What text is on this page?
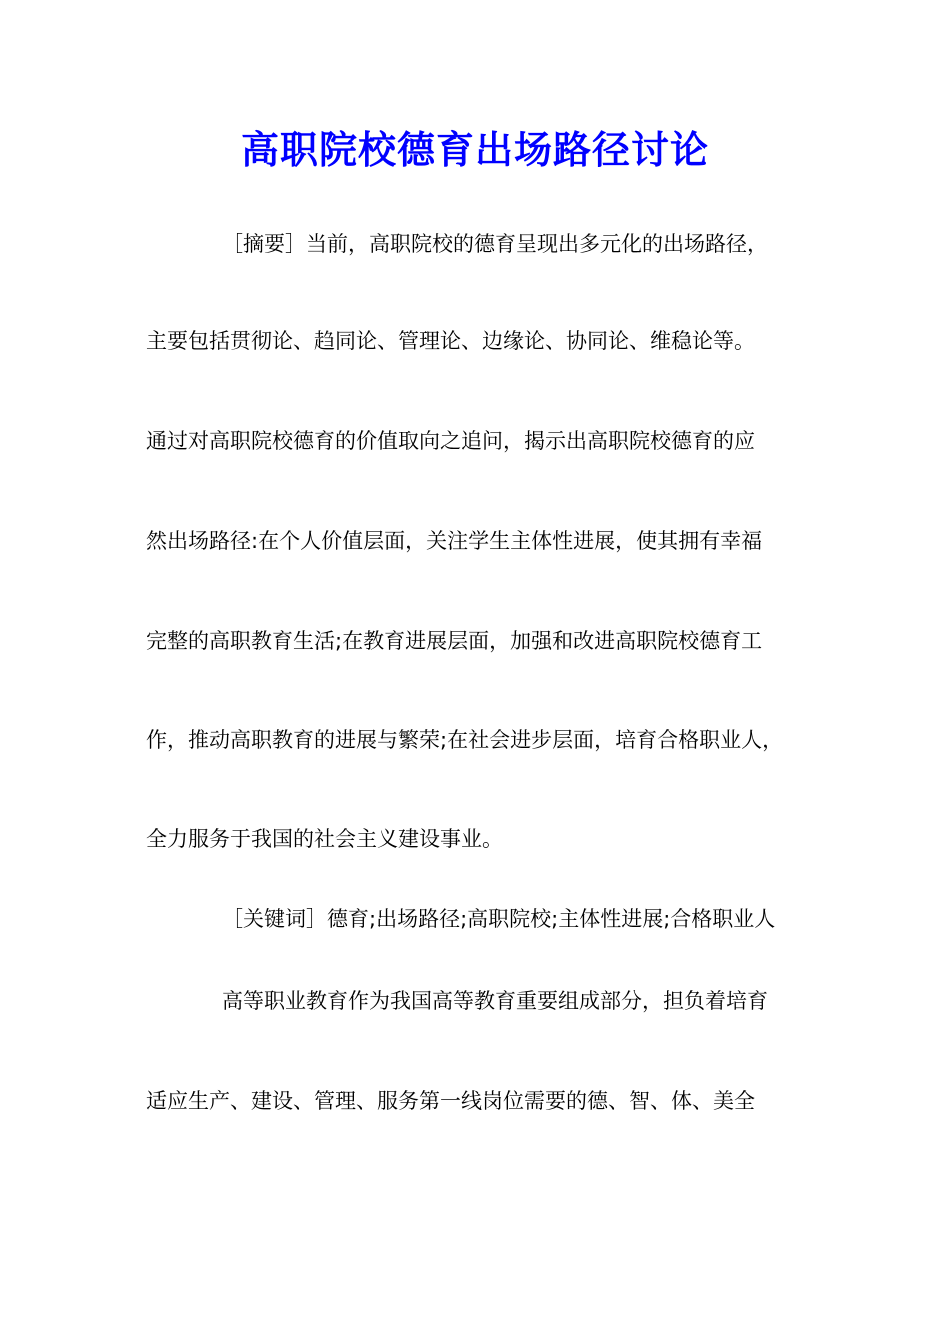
高职院校德育出场路径讨论

［摘要］当前，高职院校的德育呈现出多元化的出场路径，

主要包括贯彻论、趋同论、管理论、边缘论、协同论、维稳论等。

通过对高职院校德育的价值取向之追问，揭示出高职院校德育的应

然出场路径:在个人价值层面，关注学生主体性进展，使其拥有幸福

完整的高职教育生活;在教育进展层面，加强和改进高职院校德育工

作，推动高职教育的进展与繁荣;在社会进步层面，培育合格职业人，

全力服务于我国的社会主义建设事业。

［关键词］德育;出场路径;高职院校;主体性进展;合格职业人

高等职业教育作为我国高等教育重要组成部分，担负着培育

适应生产、建设、管理、服务第一线岗位需要的德、智、体、美全
